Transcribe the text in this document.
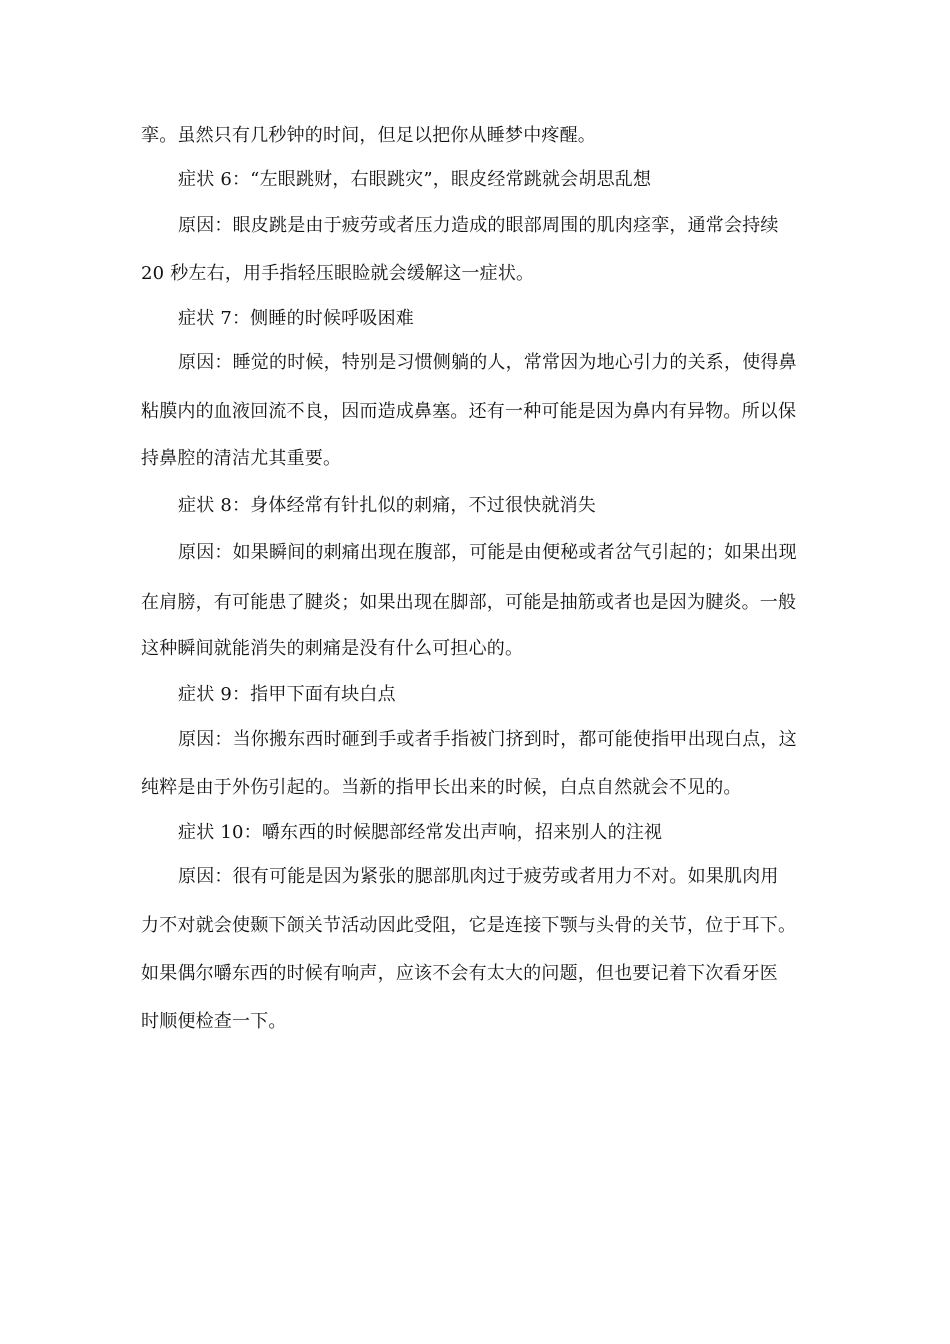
挛。虽然只有几秒钟的时间，但足以把你从睡梦中疼醒。
症状 6：“左眼跳财，右眼跳灾”，眼皮经常跳就会胡思乱想
原因：眼皮跳是由于疲劳或者压力造成的眼部周围的肌肉痉挛，通常会持续
20 秒左右，用手指轻压眼睑就会缓解这一症状。
症状 7：侧睡的时候呼吸困难
原因：睡觉的时候，特别是习惯侧躺的人，常常因为地心引力的关系，使得鼻
粘膜内的血液回流不良，因而造成鼻塞。还有一种可能是因为鼻内有异物。所以保
持鼻腔的清洁尤其重要。
症状 8：身体经常有针扎似的刺痛，不过很快就消失
原因：如果瞬间的刺痛出现在腹部，可能是由便秘或者岔气引起的；如果出现
在肩膀，有可能患了腱炎；如果出现在脚部，可能是抽筋或者也是因为腱炎。一般
这种瞬间就能消失的刺痛是没有什么可担心的。
症状 9：指甲下面有块白点
原因：当你搬东西时砸到手或者手指被门挤到时，都可能使指甲出现白点，这
纯粹是由于外伤引起的。当新的指甲长出来的时候，白点自然就会不见的。
症状 10：嚼东西的时候腮部经常发出声响，招来别人的注视
原因：很有可能是因为紧张的腮部肌肉过于疲劳或者用力不对。如果肌肉用
力不对就会使颞下颌关节活动因此受阻，它是连接下颚与头骨的关节，位于耳下。
如果偶尔嚼东西的时候有响声，应该不会有太大的问题，但也要记着下次看牙医
时顺便检查一下。
